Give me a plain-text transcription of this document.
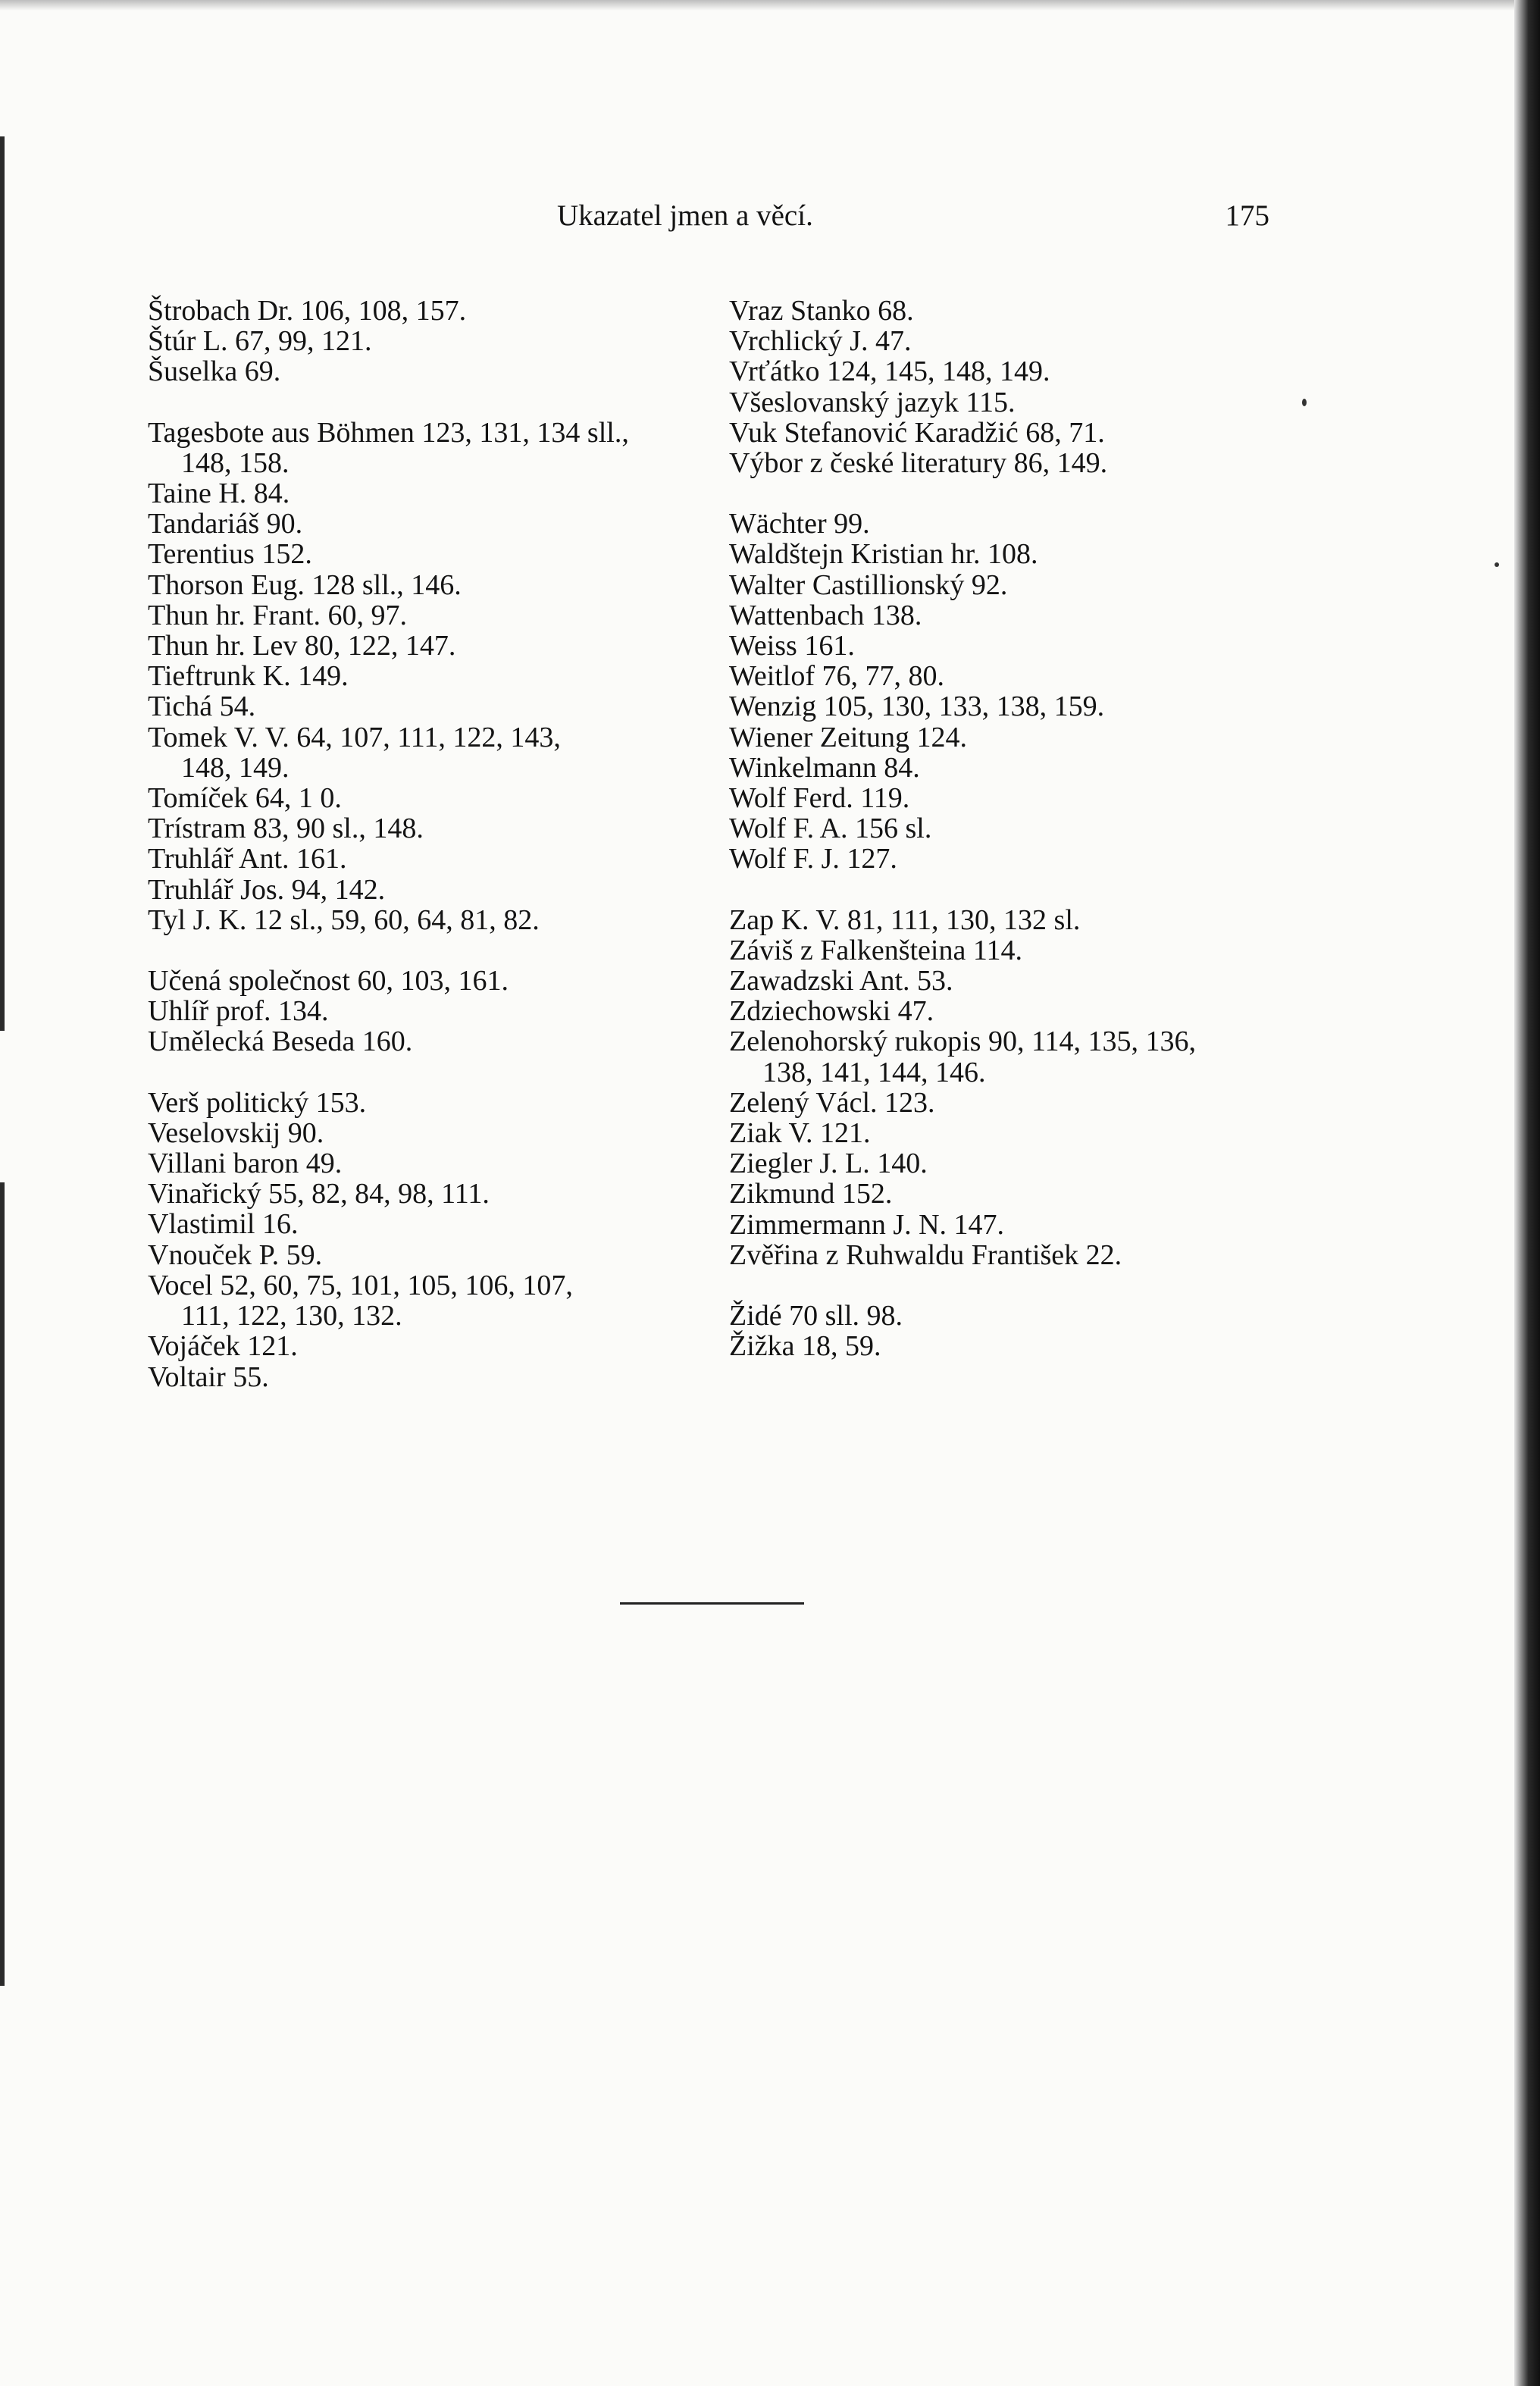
Ukazatel jmen a věcí.	175
Štrobach Dr. 106, 108, 157.
Štúr L. 67, 99, 121.
Šuselka 69.
Tagesbote aus Böhmen 123, 131, 134 sll.,
148, 158.
Taine H. 84.
Tandariáš 90.
Terentius 152.
Thorson Eug. 128 sll., 146.
Thun hr. Frant. 60, 97.
Thun hr. Lev 80, 122, 147.
Tieftrunk K. 149.
Tichá 54.
Tomek V. V. 64, 107, 111, 122, 143,
148, 149.
Tomíček 64, 1 0.
Trístram 83, 90 sl., 148.
Truhlář Ant. 161.
Truhlář Jos. 94, 142.
Tyl J. K. 12 sl., 59, 60, 64, 81, 82.
Učená společnost 60, 103, 161.
Uhlíř prof. 134.
Umělecká Beseda 160.
Verš politický 153.
Veselovskij 90.
Villani baron 49.
Vinařický 55, 82, 84, 98, 111.
Vlastimil 16.
Vnouček P. 59.
Vocel 52, 60, 75, 101, 105, 106, 107,
111, 122, 130, 132.
Vojáček 121.
Voltair 55.
Vraz Stanko 68.
Vrchlický J. 47.
Vrťátko 124, 145, 148, 149.
Všeslovanský jazyk 115.
Vuk Stefanović Karadžić 68, 71.
Výbor z české literatury 86, 149.
Wächter 99.
Waldštejn Kristian hr. 108.
Walter Castillionský 92.
Wattenbach 138.
Weiss 161.
Weitlof 76, 77, 80.
Wenzig 105, 130, 133, 138, 159.
Wiener Zeitung 124.
Winkelmann 84.
Wolf Ferd. 119.
Wolf F. A. 156 sl.
Wolf F. J. 127.
Zap K. V. 81, 111, 130, 132 sl.
Záviš z Falkenšteina 114.
Zawadzski Ant. 53.
Zdziechowski 47.
Zelenohorský rukopis 90, 114, 135, 136,
138, 141, 144, 146.
Zelený Václ. 123.
Ziak V. 121.
Ziegler J. L. 140.
Zikmund 152.
Zimmermann J. N. 147.
Zvěřina z Ruhwaldu František 22.
Židé 70 sll. 98.
Žižka 18, 59.
